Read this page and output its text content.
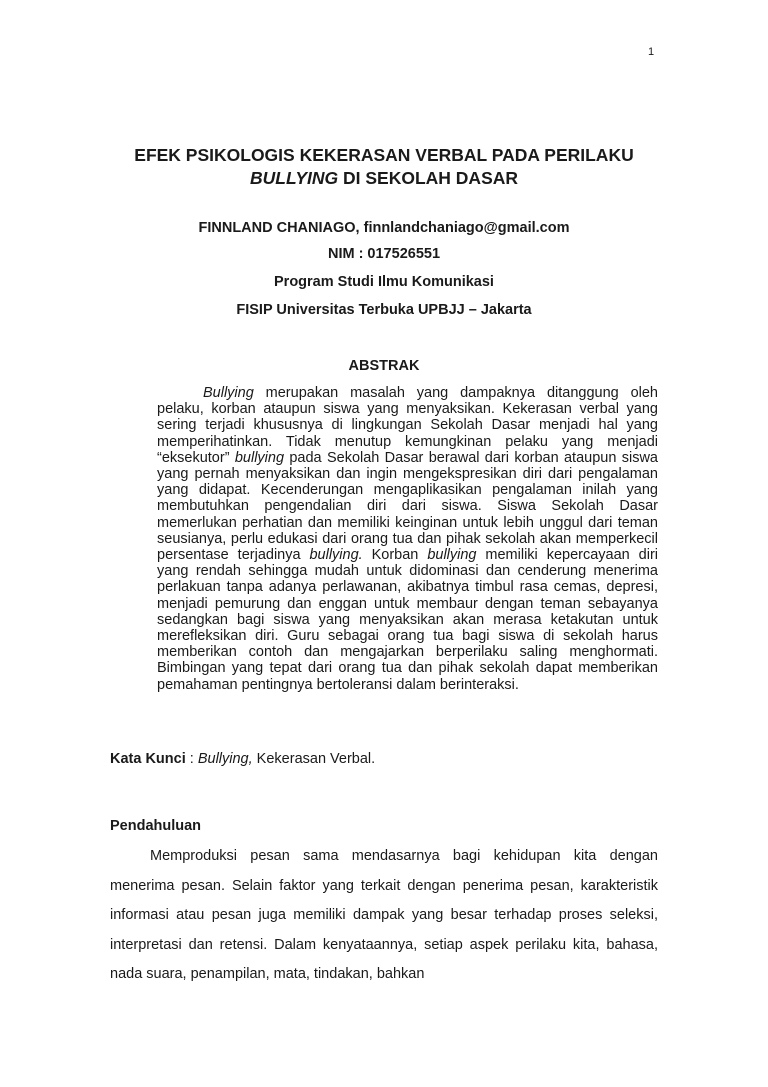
1
EFEK PSIKOLOGIS KEKERASAN VERBAL PADA PERILAKU
BULLYING DI SEKOLAH DASAR
FINNLAND CHANIAGO, finnlandchaniago@gmail.com
NIM : 017526551
Program Studi Ilmu Komunikasi
FISIP Universitas Terbuka UPBJJ – Jakarta
ABSTRAK

Bullying merupakan masalah yang dampaknya ditanggung oleh pelaku, korban ataupun siswa yang menyaksikan. Kekerasan verbal yang sering terjadi khususnya di lingkungan Sekolah Dasar menjadi hal yang memperihatinkan. Tidak menutup kemungkinan pelaku yang menjadi “eksekutor” bullying pada Sekolah Dasar berawal dari korban ataupun siswa yang pernah menyaksikan dan ingin mengekspresikan diri dari pengalaman yang didapat. Kecenderungan mengaplikasikan pengalaman inilah yang membutuhkan pengendalian diri dari siswa. Siswa Sekolah Dasar memerlukan perhatian dan memiliki keinginan untuk lebih unggul dari teman seusianya, perlu edukasi dari orang tua dan pihak sekolah akan memperkecil persentase terjadinya bullying. Korban bullying memiliki kepercayaan diri yang rendah sehingga mudah untuk didominasi dan cenderung menerima perlakuan tanpa adanya perlawanan, akibatnya timbul rasa cemas, depresi, menjadi pemurung dan enggan untuk membaur dengan teman sebayanya sedangkan bagi siswa yang menyaksikan akan merasa ketakutan untuk merefleksikan diri. Guru sebagai orang tua bagi siswa di sekolah harus memberikan contoh dan mengajarkan berperilaku saling menghormati. Bimbingan yang tepat dari orang tua dan pihak sekolah dapat memberikan pemahaman pentingnya bertoleransi dalam berinteraksi.

Kata Kunci : Bullying, Kekerasan Verbal.
Pendahuluan

Memproduksi pesan sama mendasarnya bagi kehidupan kita dengan menerima pesan. Selain faktor yang terkait dengan penerima pesan, karakteristik informasi atau pesan juga memiliki dampak yang besar terhadap proses seleksi, interpretasi dan retensi. Dalam kenyataannya, setiap aspek perilaku kita, bahasa, nada suara, penampilan, mata, tindakan, bahkan
